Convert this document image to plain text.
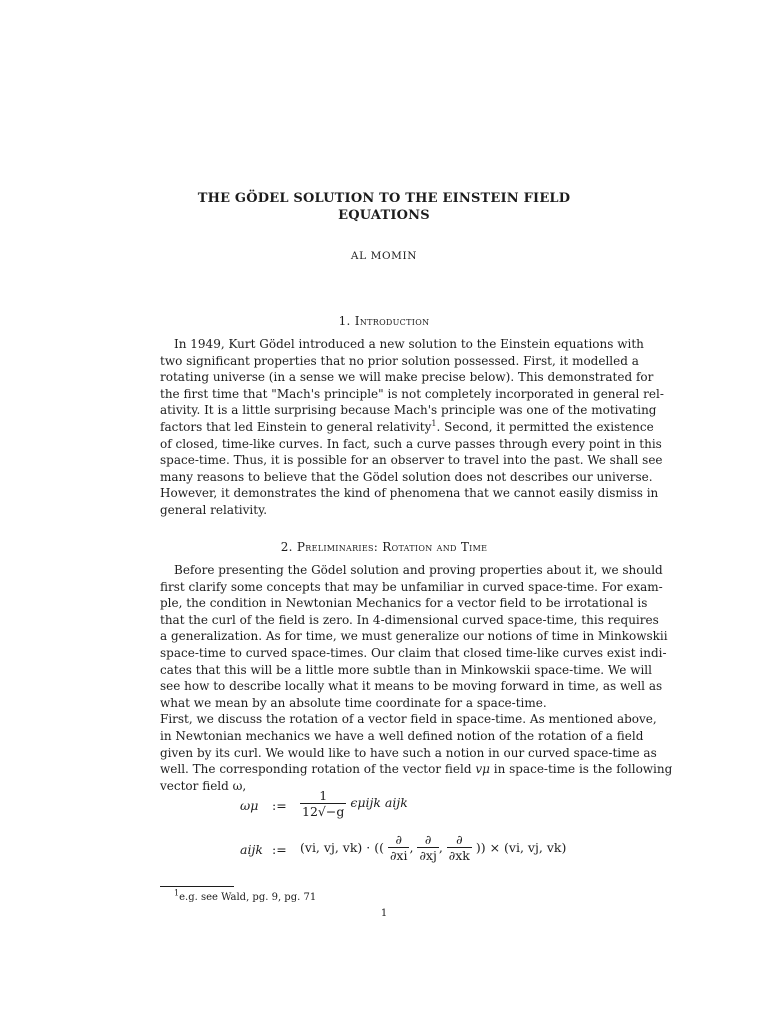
THE GÖDEL SOLUTION TO THE EINSTEIN FIELD
EQUATIONS
AL MOMIN
1. Introduction
In 1949, Kurt Gödel introduced a new solution to the Einstein equations with
two significant properties that no prior solution possessed. First, it modelled a
rotating universe (in a sense we will make precise below). This demonstrated for
the first time that "Mach's principle" is not completely incorporated in general rel-
ativity. It is a little surprising because Mach's principle was one of the motivating
factors that led Einstein to general relativity$^1$. Second, it permitted the existence
of closed, time-like curves. In fact, such a curve passes through every point in this
space-time. Thus, it is possible for an observer to travel into the past. We shall see
many reasons to believe that the Gödel solution does not describes our universe.
However, it demonstrates the kind of phenomena that we cannot easily dismiss in
general relativity.
2. Preliminaries: Rotation and Time
Before presenting the Gödel solution and proving properties about it, we should
first clarify some concepts that may be unfamiliar in curved space-time. For exam-
ple, the condition in Newtonian Mechanics for a vector field to be irrotational is
that the curl of the field is zero. In 4-dimensional curved space-time, this requires
a generalization. As for time, we must generalize our notions of time in Minkowskii
space-time to curved space-times. Our claim that closed time-like curves exist indi-
cates that this will be a little more subtle than in Minkowskii space-time. We will
see how to describe locally what it means to be moving forward in time, as well as
what we mean by an absolute time coordinate for a space-time.
First, we discuss the rotation of a vector field in space-time. As mentioned above,
in Newtonian mechanics we have a well defined notion of the rotation of a field
given by its curl. We would like to have such a notion in our curved space-time as
well. The corresponding rotation of the vector field vμ in space-time is the following
vector field ω,
ωμ := $\frac{1}{12√-g}$ ϵμijk aijk
aijk := (vi, vj, vk) · (( $\frac{\partial}{\partial xi}$ , $\frac{\partial}{\partial xj}$ , $\frac{\partial}{\partial xk}$ )) × (vi, vj, vk)
$^1$e.g. see Wald, pg. 9, pg. 71
1
